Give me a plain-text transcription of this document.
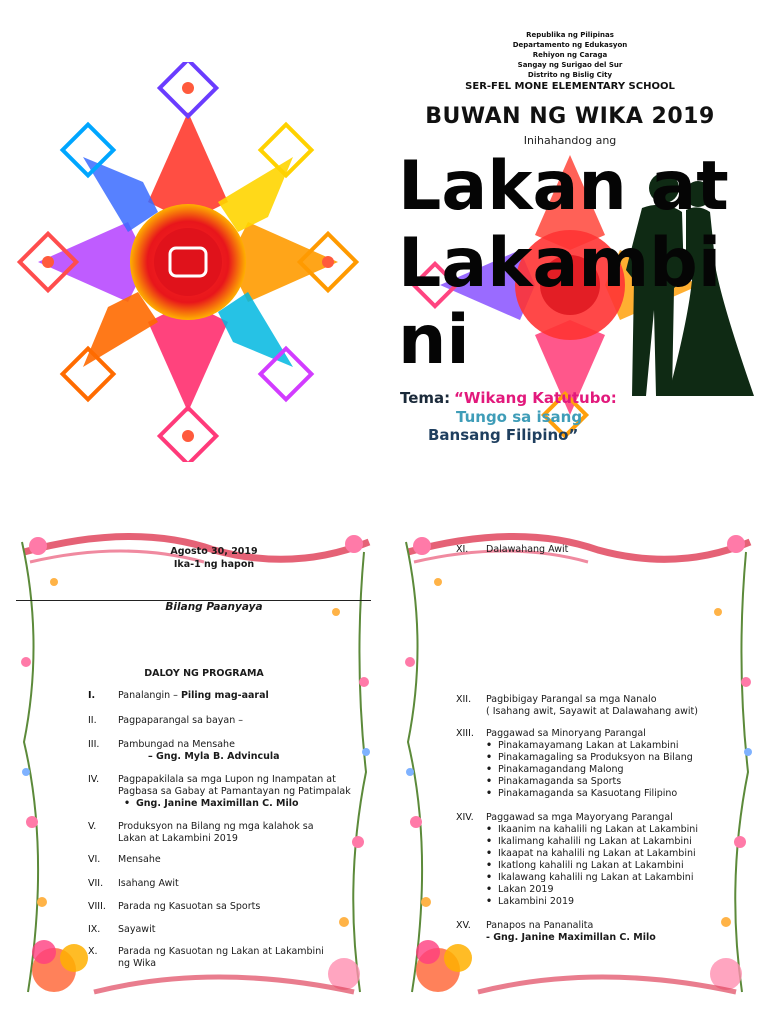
Republika ng Pilipinas
Departamento ng Edukasyon
Rehiyon ng Caraga
Sangay ng Surigao del Sur
Distrito ng Bislig City
SER-FEL MONE ELEMENTARY SCHOOL
BUWAN NG WIKA 2019
Inihahandog ang
Lakan at
Lakambi
ni
Tema: “Wikang Katutubo:
Tungo sa isang
Bansang Filipino”
Agosto 30, 2019
Ika-1 ng hapon
Bilang Paanyaya
DALOY NG PROGRAMA
I. Panalangin – Piling mag-aaral
II. Pagpaparangal sa bayan –
III. Pambungad na Mensahe
– Gng. Myla B. Advincula
IV. Pagpapakilala sa mga Lupon ng Inampatan at
Pagbasa sa Gabay at Pamantayan ng Patimpalak
• Gng. Janine Maximillan C. Milo
V. Produksyon na Bilang ng mga kalahok sa
Lakan at Lakambini 2019
VI. Mensahe
VII. Isahang Awit
VIII. Parada ng Kasuotan sa Sports
IX. Sayawit
X. Parada ng Kasuotan ng Lakan at Lakambini
ng Wika
XI. Dalawahang Awit
XII. Pagbibigay Parangal sa mga Nanalo
( Isahang awit, Sayawit at Dalawahang awit)
XIII. Paggawad sa Minoryang Parangal
• Pinakamayamang Lakan at Lakambini
• Pinakamagaling sa Produksyon na Bilang
• Pinakamagandang Malong
• Pinakamaganda sa Sports
• Pinakamaganda sa Kasuotang Filipino
XIV. Paggawad sa mga Mayoryang Parangal
• Ikaanim na kahalili ng Lakan at Lakambini
• Ikalimang kahalili ng Lakan at Lakambini
• Ikaapat na kahalili ng Lakan at Lakambini
• Ikatlong kahalili ng Lakan at Lakambini
• Ikalawang kahalili ng Lakan at Lakambini
• Lakan 2019
• Lakambini 2019
XV. Panapos na Pananalita
- Gng. Janine Maximillan C. Milo
